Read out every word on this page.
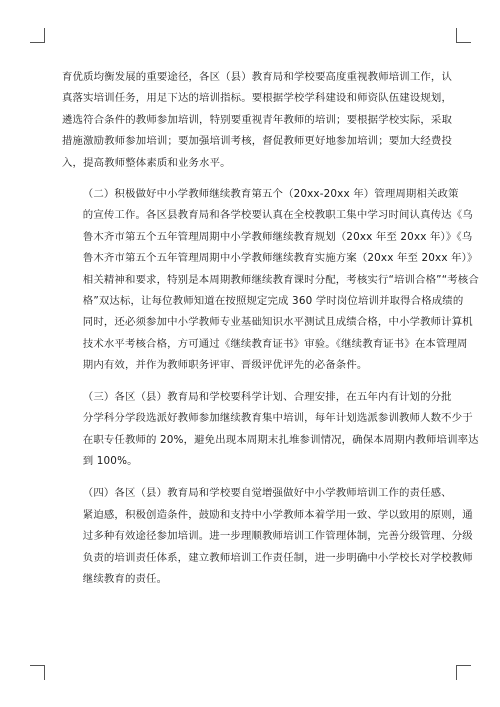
育优质均衡发展的重要途径，各区（县）教育局和学校要高度重视教师培训工作，认
真落实培训任务，用足下达的培训指标。要根据学校学科建设和师资队伍建设规划，
遴选符合条件的教师参加培训，特别要重视青年教师的培训；要根据学校实际，采取
措施激励教师参加培训；要加强培训考核，督促教师更好地参加培训；要加大经费投
入，提高教师整体素质和业务水平。
（二）积极做好中小学教师继续教育第五个（20xx-20xx 年）管理周期相关政策
的宣传工作。各区县教育局和各学校要认真在全校教职工集中学习时间认真传达《乌
鲁木齐市第五个五年管理周期中小学教师继续教育规划（20xx 年至 20xx 年）》《乌
鲁木齐市第五个五年管理周期中小学教师继续教育实施方案（20xx 年至 20xx 年）》
相关精神和要求，特别是本周期教师继续教育课时分配，考核实行“培训合格”“考核合
格”双达标，让每位教师知道在按照规定完成 360 学时岗位培训并取得合格成绩的
同时，还必须参加中小学教师专业基础知识水平测试且成绩合格，中小学教师计算机
技术水平考核合格，方可通过《继续教育证书》审验。《继续教育证书》在本管理周
期内有效，并作为教师职务评审、晋级评优评先的必备条件。
（三）各区（县）教育局和学校要科学计划、合理安排，在五年内有计划的分批
分学科分学段选派好教师参加继续教育集中培训，每年计划选派参训教师人数不少于
在职专任教师的 20%，避免出现本周期末扎堆参训情况，确保本周期内教师培训率达
到 100%。
（四）各区（县）教育局和学校要自觉增强做好中小学教师培训工作的责任感、
紧迫感，积极创造条件，鼓励和支持中小学教师本着学用一致、学以致用的原则，通
过多种有效途径参加培训。进一步理顺教师培训工作管理体制，完善分级管理、分级
负责的培训责任体系，建立教师培训工作责任制，进一步明确中小学校长对学校教师
继续教育的责任。
